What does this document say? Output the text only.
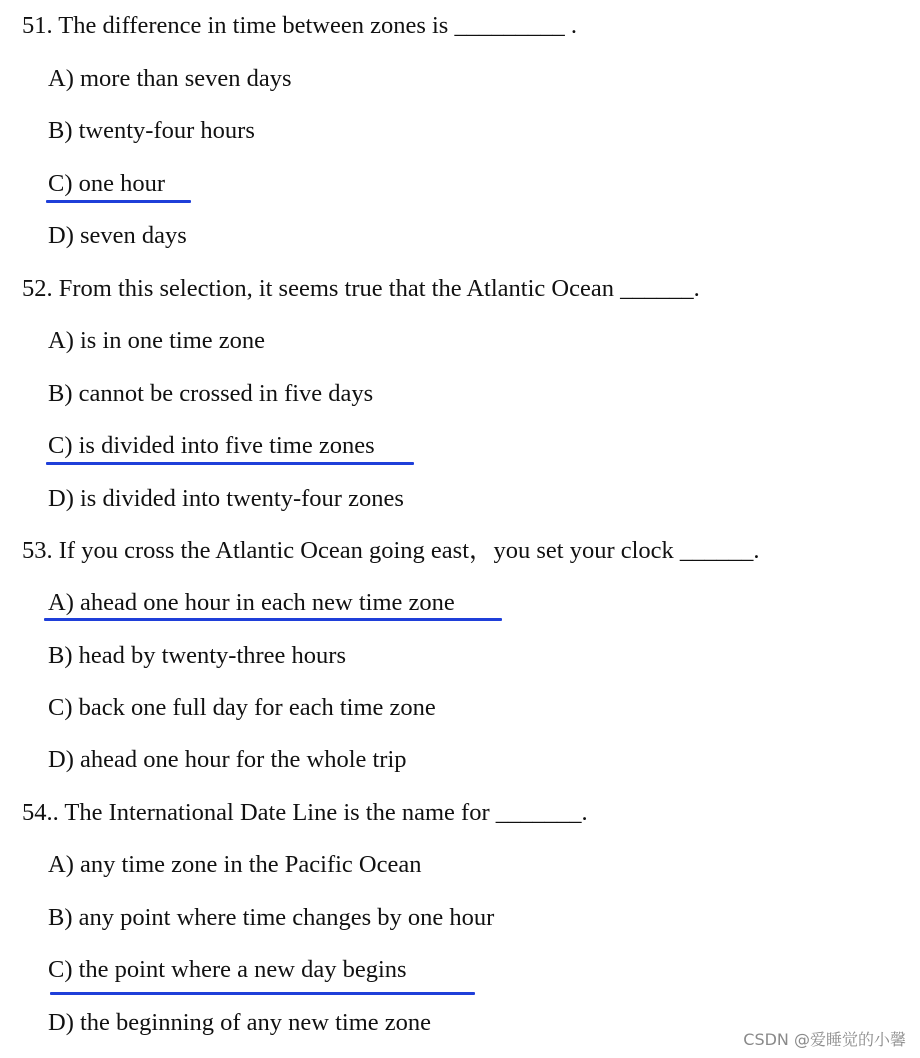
51. The difference in time between zones is _________ .
A) more than seven days
B) twenty-four hours
C) one hour
D) seven days
52. From this selection, it seems true that the Atlantic Ocean ______.
A) is in one time zone
B) cannot be crossed in five days
C) is divided into five time zones
D) is divided into twenty-four zones
53. If you cross the Atlantic Ocean going east，you set your clock ______.
A) ahead one hour in each new time zone
B) head by twenty-three hours
C) back one full day for each time zone
D) ahead one hour for the whole trip
54.. The International Date Line is the name for _______.
A) any time zone in the Pacific Ocean
B) any point where time changes by one hour
C) the point where a new day begins
D) the beginning of any new time zone
CSDN @爱睡觉的小馨
